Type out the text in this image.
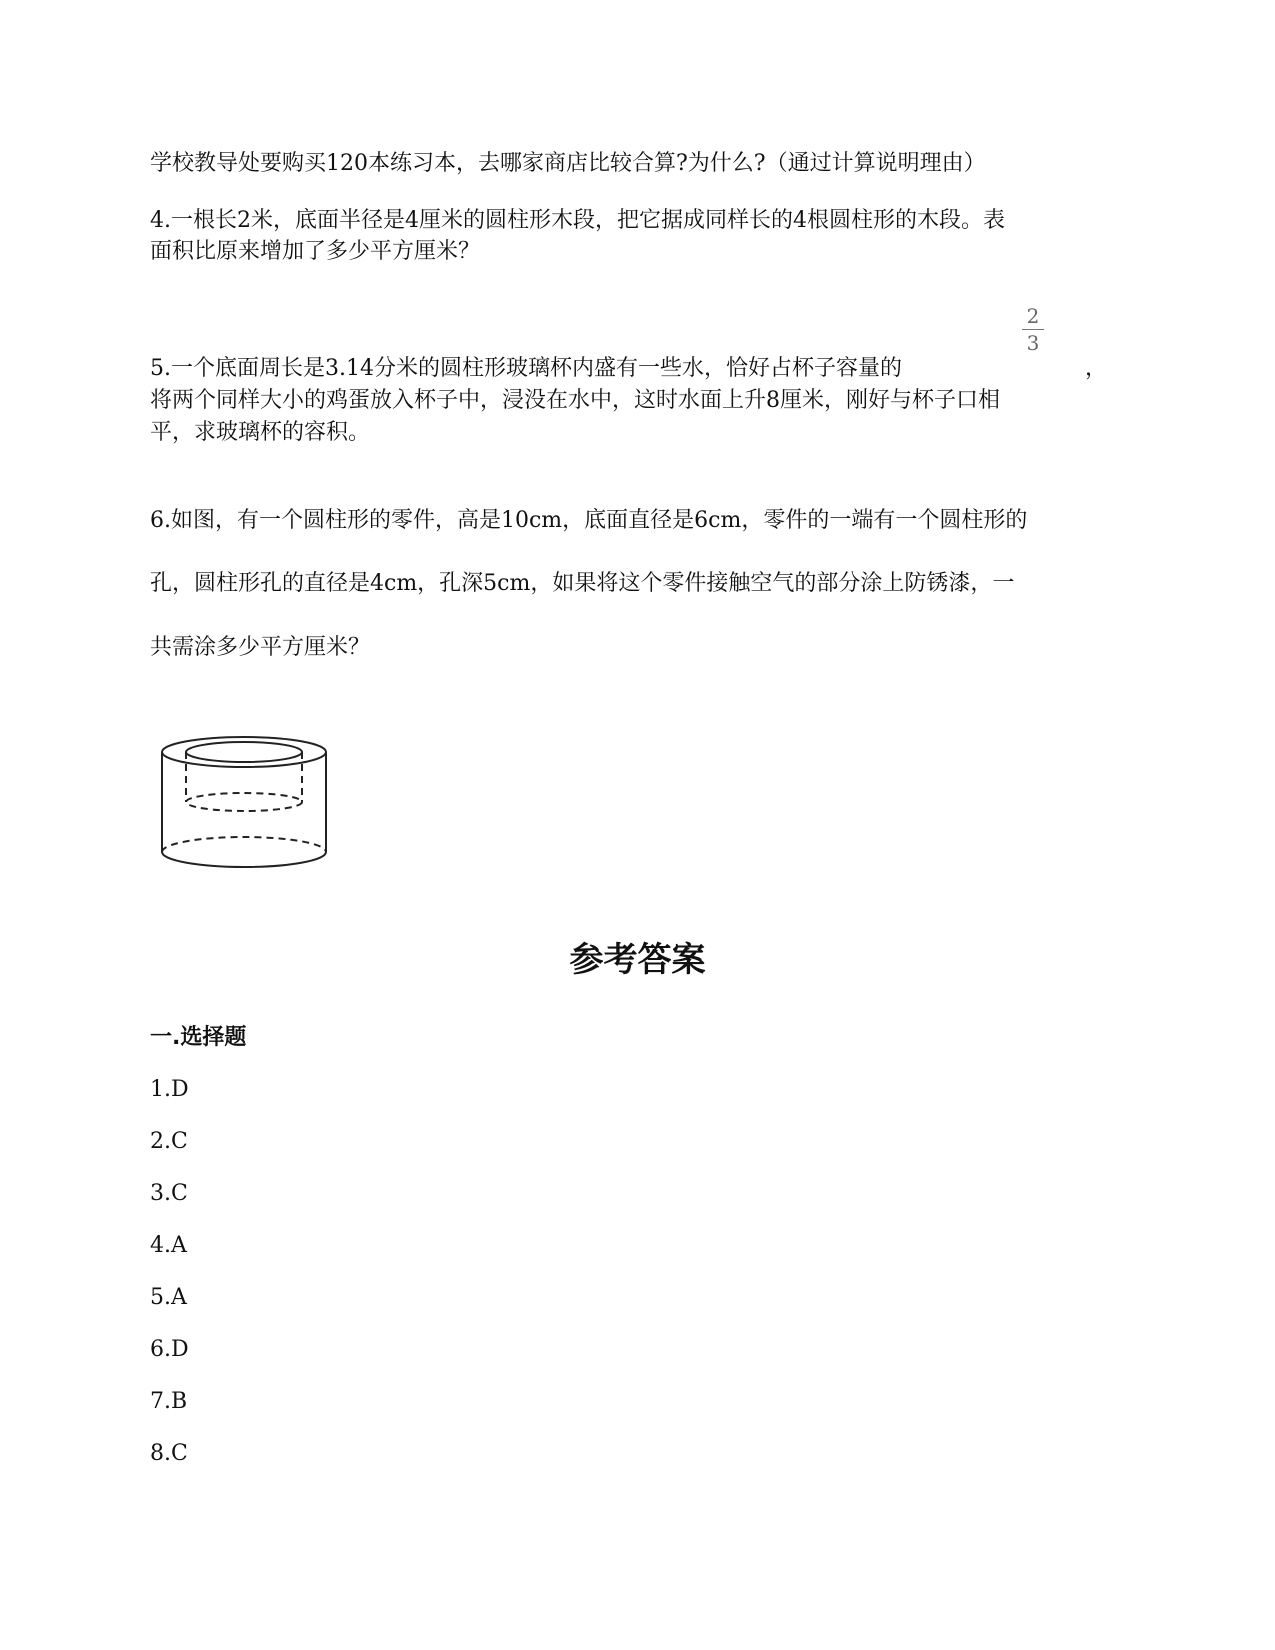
学校教导处要购买120本练习本，去哪家商店比较合算?为什么?（通过计算说明理由）
4.一根长2米，底面半径是4厘米的圆柱形木段，把它据成同样长的4根圆柱形的木段。表
面积比原来增加了多少平方厘米？
2
3
5.一个底面周长是3.14分米的圆柱形玻璃杯内盛有一些水，恰好占杯子容量的	，
将两个同样大小的鸡蛋放入杯子中，浸没在水中，这时水面上升8厘米，刚好与杯子口相
平，求玻璃杯的容积。
6.如图，有一个圆柱形的零件，高是10cm，底面直径是6cm，零件的一端有一个圆柱形的
孔，圆柱形孔的直径是4cm，孔深5cm，如果将这个零件接触空气的部分涂上防锈漆，一
共需涂多少平方厘米？
参考答案
一.选择题
1.D
2.C
3.C
4.A
5.A
6.D
7.B
8.C
